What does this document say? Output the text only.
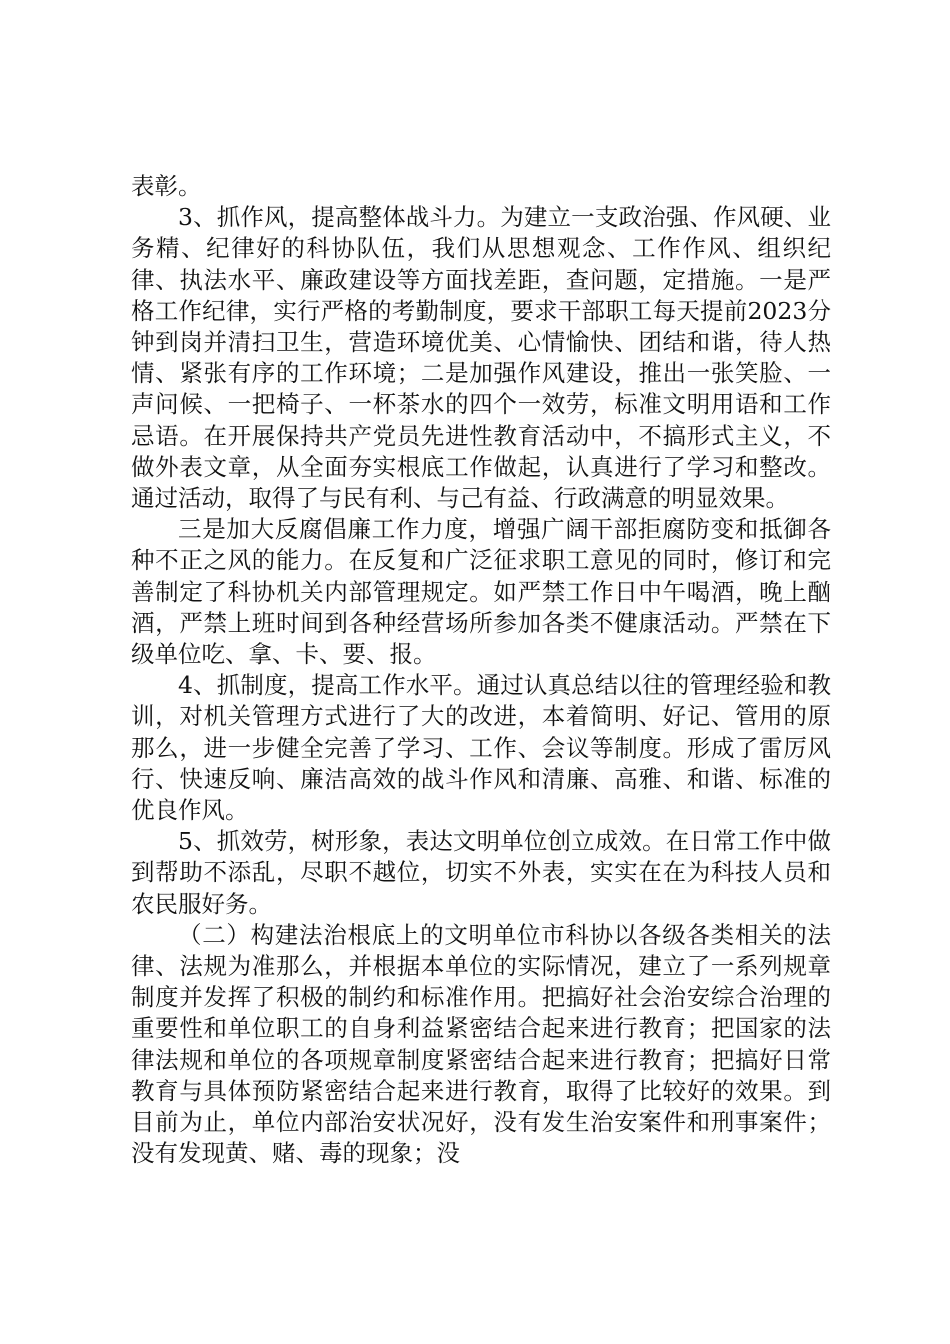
表彰。

3、抓作风，提高整体战斗力。为建立一支政治强、作风硬、业务精、纪律好的科协队伍，我们从思想观念、工作作风、组织纪律、执法水平、廉政建设等方面找差距，查问题，定措施。一是严格工作纪律，实行严格的考勤制度，要求干部职工每天提前2023分钟到岗并清扫卫生，营造环境优美、心情愉快、团结和谐，待人热情、紧张有序的工作环境；二是加强作风建设，推出一张笑脸、一声问候、一把椅子、一杯茶水的四个一效劳，标准文明用语和工作忌语。在开展保持共产党员先进性教育活动中，不搞形式主义，不做外表文章，从全面夯实根底工作做起，认真进行了学习和整改。通过活动，取得了与民有利、与己有益、行政满意的明显效果。

三是加大反腐倡廉工作力度，增强广阔干部拒腐防变和抵御各种不正之风的能力。在反复和广泛征求职工意见的同时，修订和完善制定了科协机关内部管理规定。如严禁工作日中午喝酒，晚上酗酒，严禁上班时间到各种经营场所参加各类不健康活动。严禁在下级单位吃、拿、卡、要、报。

4、抓制度，提高工作水平。通过认真总结以往的管理经验和教训，对机关管理方式进行了大的改进，本着简明、好记、管用的原那么，进一步健全完善了学习、工作、会议等制度。形成了雷厉风行、快速反响、廉洁高效的战斗作风和清廉、高雅、和谐、标准的优良作风。

5、抓效劳，树形象，表达文明单位创立成效。在日常工作中做到帮助不添乱，尽职不越位，切实不外表，实实在在为科技人员和农民服好务。

（二）构建法治根底上的文明单位市科协以各级各类相关的法律、法规为准那么，并根据本单位的实际情况，建立了一系列规章制度并发挥了积极的制约和标准作用。把搞好社会治安综合治理的重要性和单位职工的自身利益紧密结合起来进行教育；把国家的法律法规和单位的各项规章制度紧密结合起来进行教育；把搞好日常教育与具体预防紧密结合起来进行教育，取得了比较好的效果。到目前为止，单位内部治安状况好，没有发生治安案件和刑事案件；没有发现黄、赌、毒的现象；没
